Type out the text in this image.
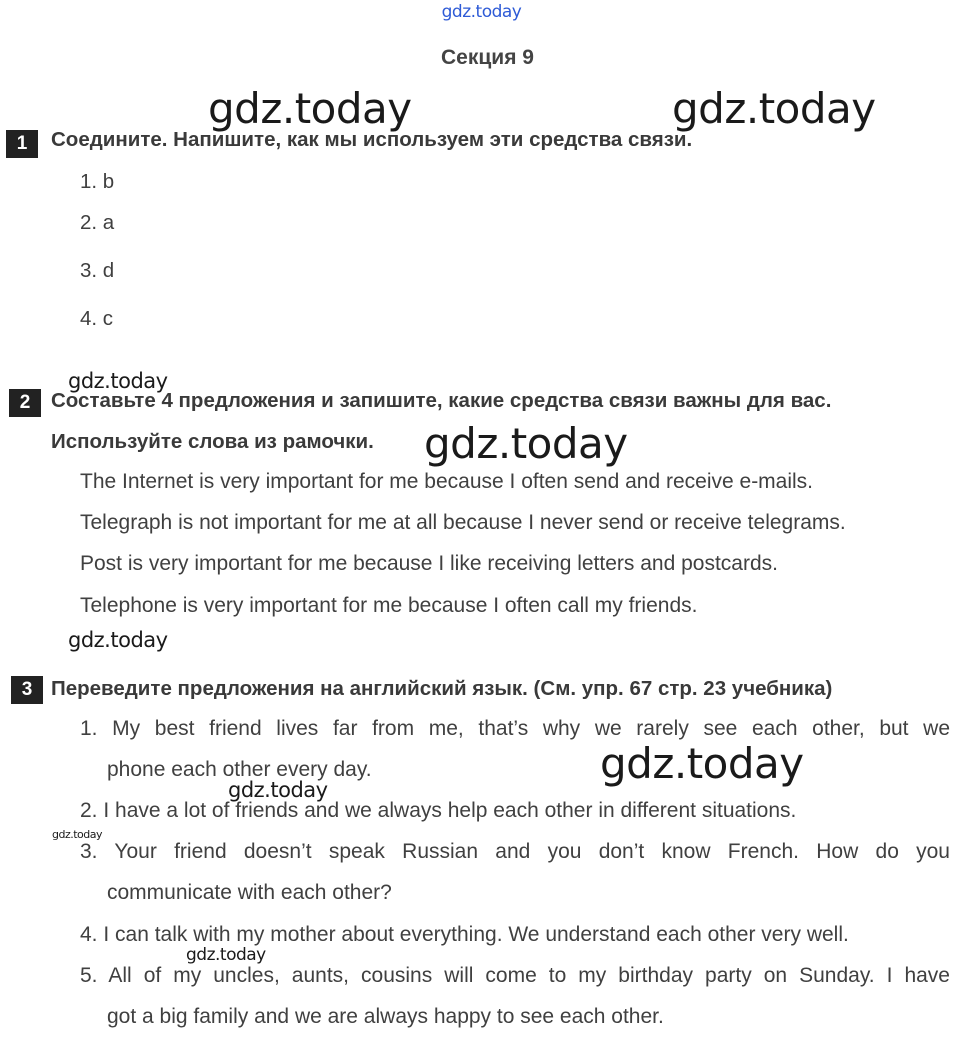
gdz.today
Секция 9
gdz.today	gdz.today
1	Соедините. Напишите, как мы используем эти средства связи.
1. b
2. a
3. d
4. c
gdz.today
2	Составьте 4 предложения и запишите, какие средства связи важны для вас.
Используйте слова из рамочки. gdz.today
The Internet is very important for me because I often send and receive e-mails.
Telegraph is not important for me at all because I never send or receive telegrams.
Post is very important for me because I like receiving letters and postcards.
Telephone is very important for me because I often call my friends.
gdz.today
3 Переведите предложения на английский язык. (См. упр. 67 стр. 23 учебника)
1. My best friend lives far from me, that’s why we rarely see each other, but we
phone each other every day.	gdz.today
gdz.today
2. I have a lot of friends and we always help each other in different situations.
gdz.today
3. Your friend doesn’t speak Russian and you don’t know French. How do you
communicate with each other?
4. I can talk with my mother about everything. We understand each other very well.
gdz.today
5. All of my uncles, aunts, cousins will come to my birthday party on Sunday. I have
got a big family and we are always happy to see each other.
